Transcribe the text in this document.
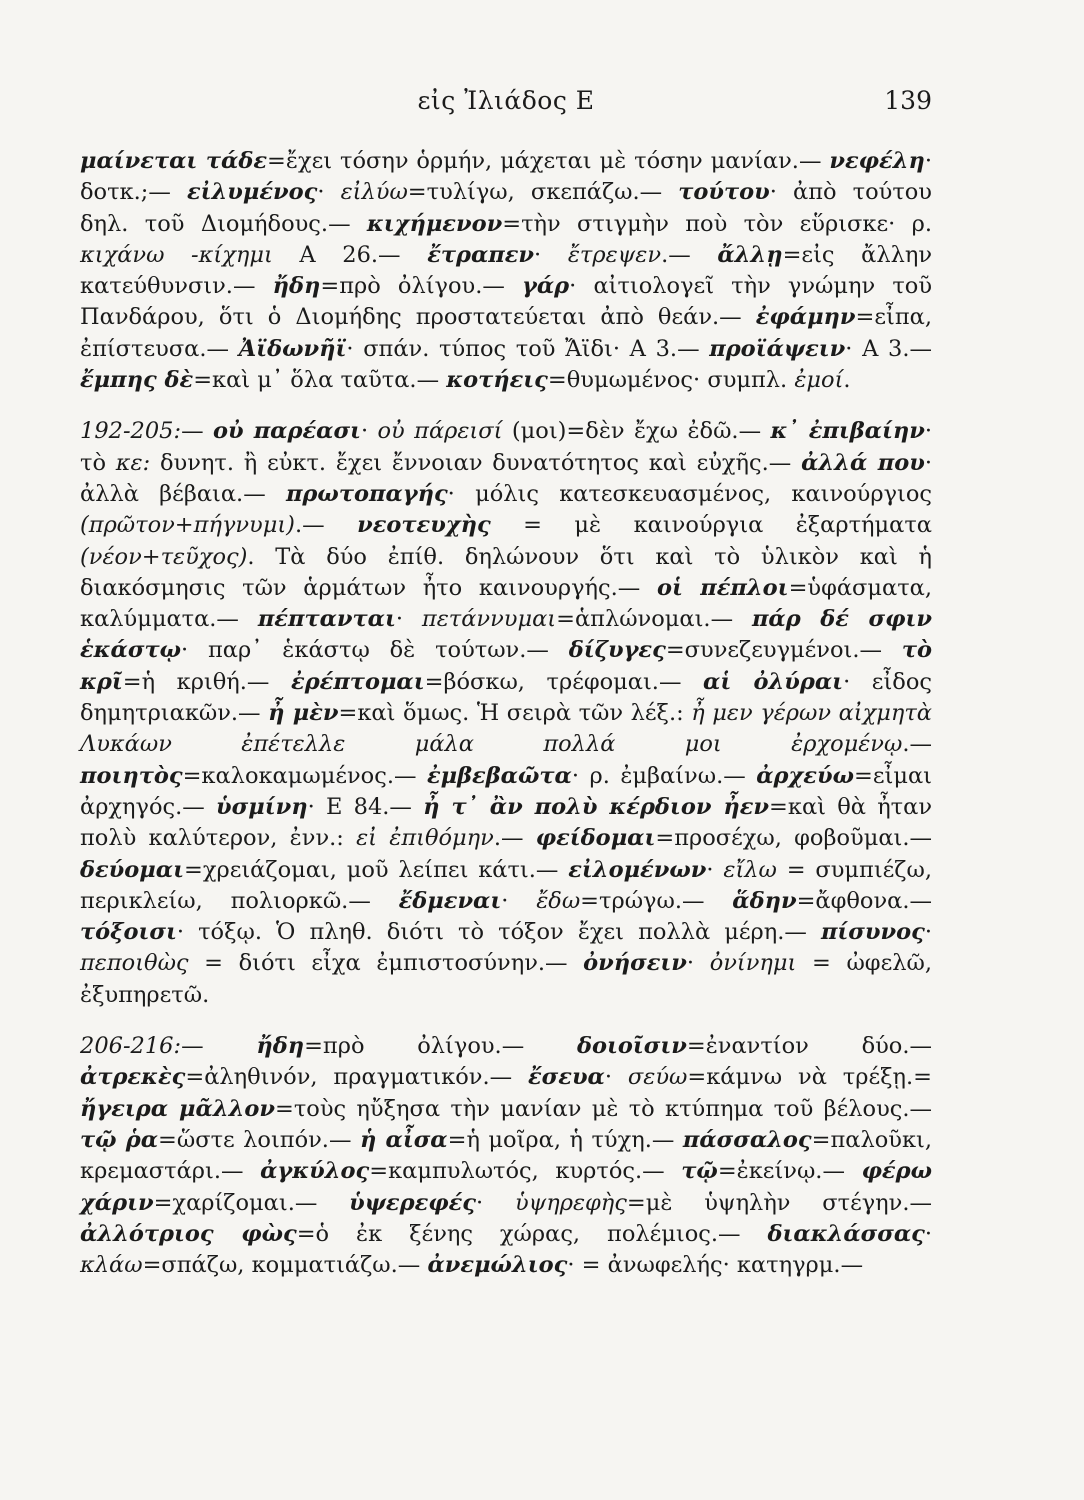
εἰς Ἰλιάδος Ε	139

μαίνεται τάδε=ἔχει τόσην ὁρμήν, μάχεται μὲ τόσην μανίαν.— νεφέλη· δοτκ.;— εἰλυμένος· εἰλύω=τυλίγω, σκεπάζω.— τούτου· ἀπὸ τούτου δηλ. τοῦ Διομήδους.— κιχήμενον=τὴν στιγμὴν ποὺ τὸν εὕρισκε· ρ. κιχάνω -κίχημι Α 26.— ἔτραπεν· ἔτρεψεν.— ἄλλῃ=εἰς ἄλλην κατεύθυνσιν.— ἤδη=πρὸ ὀλίγου.— γάρ· αἰτιολογεῖ τὴν γνώμην τοῦ Πανδάρου, ὅτι ὁ Διομήδης προστατεύεται ἀπὸ θεάν.— ἐφάμην=εἶπα, ἐπίστευσα.— Ἀϊδωνῆϊ· σπάν. τύπος τοῦ Ἄϊδι· Α 3.— προϊάψειν· Α 3.— ἔμπης δὲ=καὶ μ᾽ ὅλα ταῦτα.— κοτήεις=θυμωμένος· συμπλ. ἐμοί.

192-205:— οὐ παρέασι· οὐ πάρεισί (μοι)=δὲν ἔχω ἐδῶ.— κ᾽ ἐπιβαίην· τὸ κε: δυνητ. ἢ εὐκτ. ἔχει ἔννοιαν δυνατότητος καὶ εὐχῆς.— ἀλλά που· ἀλλὰ βέβαια.— πρωτοπαγής· μόλις κατεσκευασμένος, καινούργιος (πρῶτον+πήγνυμι).— νεοτευχὴς = μὲ καινούργια ἐξαρτήματα (νέον+τεῦχος). Τὰ δύο ἐπίθ. δηλώνουν ὅτι καὶ τὸ ὑλικὸν καὶ ἡ διακόσμησις τῶν ἁρμάτων ἦτο καινουργής.— οἱ πέπλοι=ὑφάσματα, καλύμματα.— πέπτανται· πετάννυμαι=ἁπλώνομαι.— πάρ δέ σφιν ἑκάστῳ· παρ᾽ ἑκάστῳ δὲ τούτων.— δίζυγες=συνεζευγμένοι.— τὸ κρῖ=ἡ κριθή.— ἐρέπτομαι=βόσκω, τρέφομαι.— αἱ ὀλύραι· εἶδος δημητριακῶν.— ἦ μὲν=καὶ ὅμως. Ἡ σειρὰ τῶν λέξ.: ἦ μεν γέρων αἰχμητὰ Λυκάων ἐπέτελλε μάλα πολλά μοι ἐρχομένῳ.— ποιητὸς=καλοκαμωμένος.— ἐμβεβαῶτα· ρ. ἐμβαίνω.— ἀρχεύω=εἶμαι ἀρχηγός.— ὑσμίνη· Ε 84.— ἦ τ᾽ ἂν πολὺ κέρδιον ἦεν=καὶ θὰ ἦταν πολὺ καλύτερον, ἐνν.: εἰ ἐπιθόμην.— φείδομαι=προσέχω, φοβοῦμαι.— δεύομαι=χρειάζομαι, μοῦ λείπει κάτι.— εἰλομένων· εἴλω = συμπιέζω, περικλείω, πολιορκῶ.— ἔδμεναι· ἔδω=τρώγω.— ἅδην=ἄφθονα.— τόξοισι· τόξῳ. Ὁ πληθ. διότι τὸ τόξον ἔχει πολλὰ μέρη.— πίσυνος· πεποιθὼς = διότι εἶχα ἐμπιστοσύνην.— ὀνήσειν· ὀνίνημι = ὠφελῶ, ἐξυπηρετῶ.

206-216:— ἤδη=πρὸ ὀλίγου.— δοιοῖσιν=ἐναντίον δύο.— ἀτρεκὲς=ἀληθινόν, πραγματικόν.— ἔσευα· σεύω=κάμνω νὰ τρέξῃ.= ἤγειρα μᾶλλον=τοὺς ηὔξησα τὴν μανίαν μὲ τὸ κτύπημα τοῦ βέλους.— τῷ ῥα=ὥστε λοιπόν.— ἡ αἶσα=ἡ μοῖρα, ἡ τύχη.— πάσσαλος=παλοῦκι, κρεμαστάρι.— ἀγκύλος=καμπυλωτός, κυρτός.— τῷ=ἐκείνῳ.— φέρω χάριν=χαρίζομαι.— ὑψερεφές· ὑψηρεφὴς=μὲ ὑψηλὴν στέγην.— ἀλλότριος φὼς=ὁ ἐκ ξένης χώρας, πολέμιος.— διακλάσσας· κλάω=σπάζω, κομματιάζω.— ἀνεμώλιος· = ἀνωφελής· κατηγρμ.—
